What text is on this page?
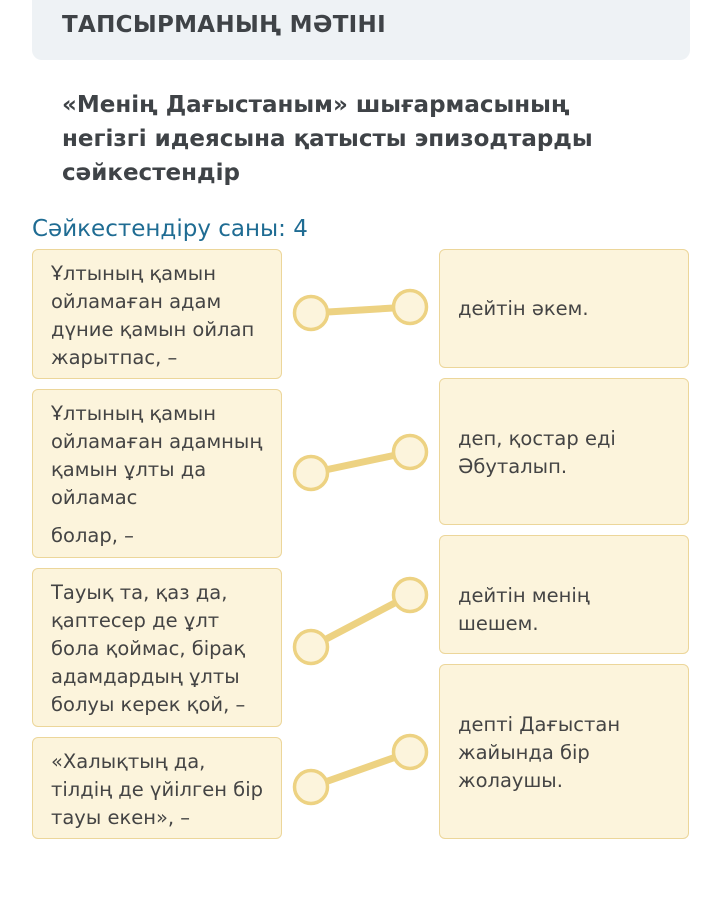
ТАПСЫРМАНЫҢ МӘТІНІ
«Менің Дағыстаным» шығармасының негізгі идеясына қатысты эпизодтарды сәйкестендір
Сәйкестендіру саны: 4
Ұлтының қамын ойламаған адам дүние қамын ойлап жарытпас, –
Ұлтының қамын ойламаған адамның қамын ұлты да ойламас
болар, –
Тауық та, қаз да, қаптесер де ұлт бола қоймас, бірақ адамдардың ұлты болуы керек қой, –
«Халықтың да, тілдің де үйілген бір тауы екен», –
дейтін әкем.
деп, қостар еді Әбуталып.
дейтін менің шешем.
депті Дағыстан жайында бір жолаушы.
